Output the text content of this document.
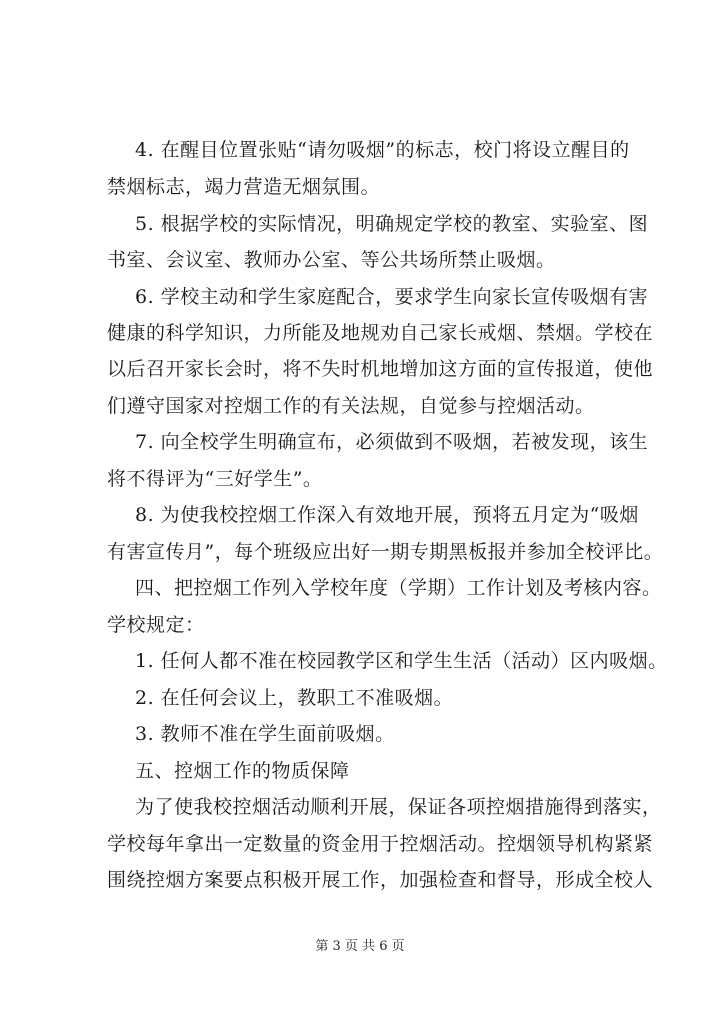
4. 在醒目位置张贴“请勿吸烟”的标志，校门将设立醒目的
禁烟标志，竭力营造无烟氛围。
5. 根据学校的实际情况，明确规定学校的教室、实验室、图
书室、会议室、教师办公室、等公共场所禁止吸烟。
6. 学校主动和学生家庭配合，要求学生向家长宣传吸烟有害
健康的科学知识，力所能及地规劝自己家长戒烟、禁烟。学校在
以后召开家长会时，将不失时机地增加这方面的宣传报道，使他
们遵守国家对控烟工作的有关法规，自觉参与控烟活动。
7. 向全校学生明确宣布，必须做到不吸烟，若被发现，该生
将不得评为“三好学生”。
8. 为使我校控烟工作深入有效地开展，预将五月定为“吸烟
有害宣传月”，每个班级应出好一期专期黑板报并参加全校评比。
四、把控烟工作列入学校年度（学期）工作计划及考核内容。
学校规定：
1. 任何人都不准在校园教学区和学生生活（活动）区内吸烟。
2. 在任何会议上，教职工不准吸烟。
3. 教师不准在学生面前吸烟。
五、控烟工作的物质保障
为了使我校控烟活动顺利开展，保证各项控烟措施得到落实，
学校每年拿出一定数量的资金用于控烟活动。控烟领导机构紧紧
围绕控烟方案要点积极开展工作，加强检查和督导，形成全校人
第 3 页 共 6 页
